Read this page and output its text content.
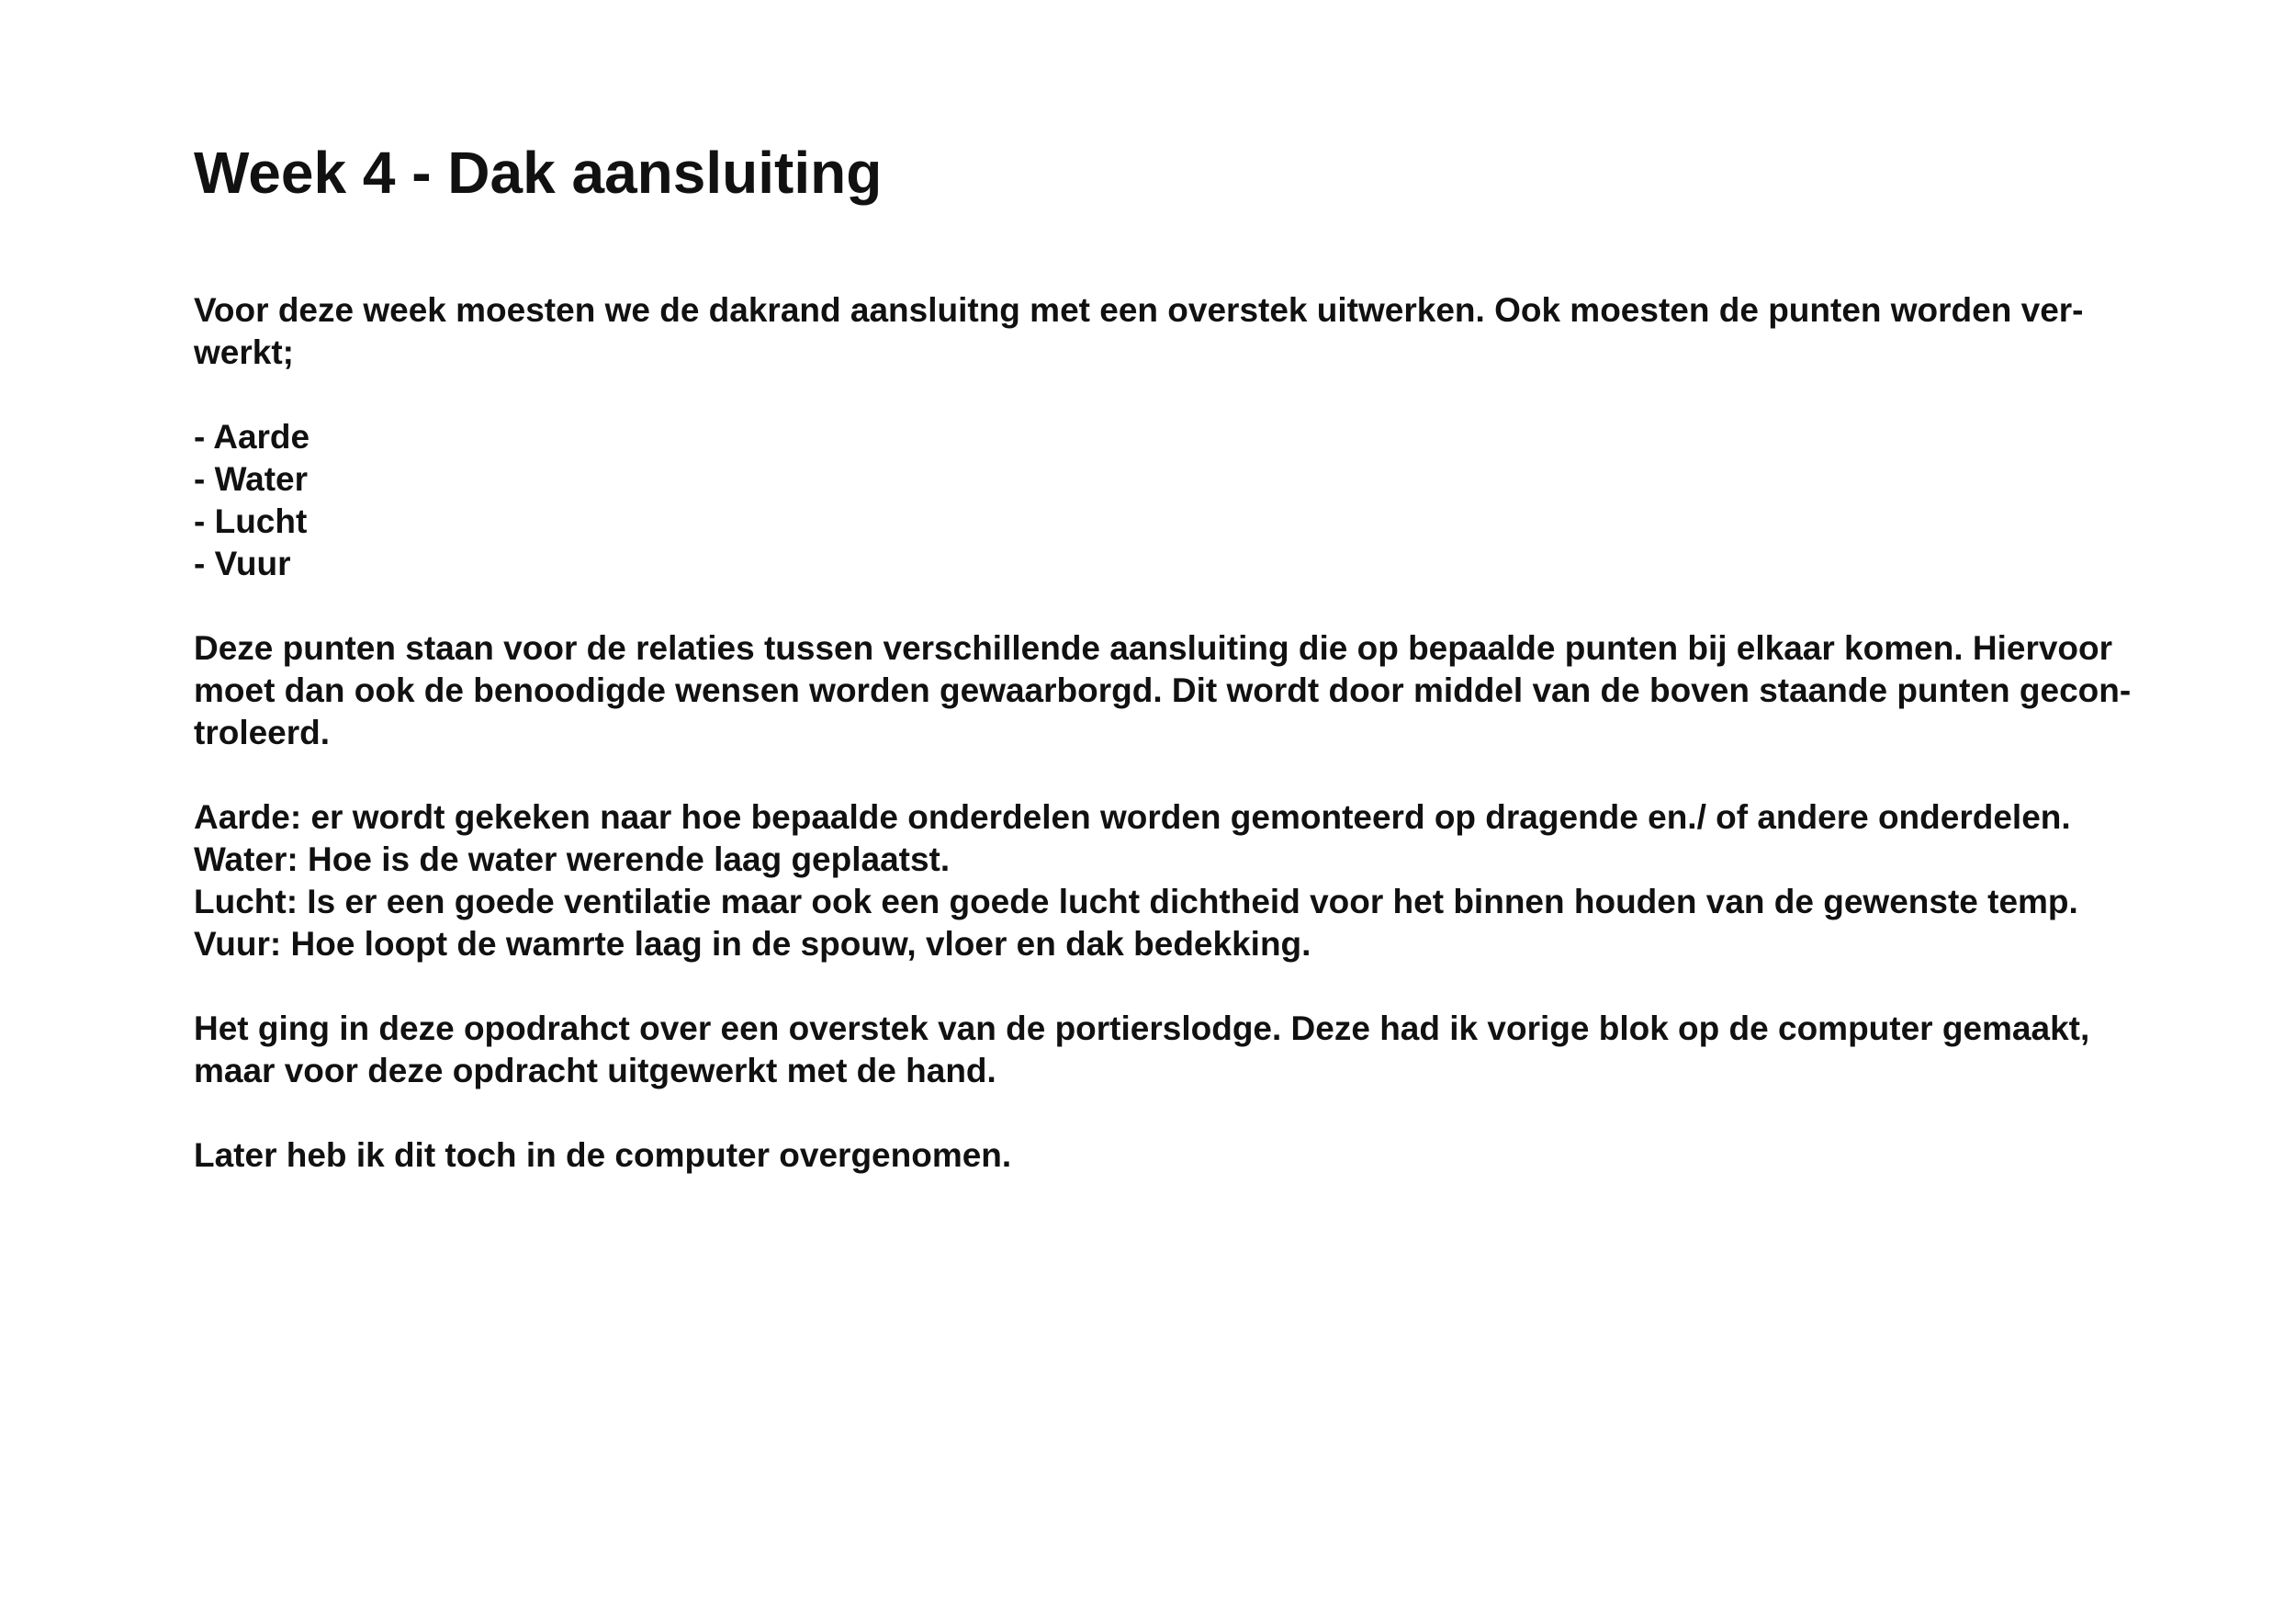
Week 4 - Dak aansluiting

Voor deze week moesten we de dakrand aansluitng met een overstek uitwerken. Ook moesten de punten worden ver-
werkt;

- Aarde
- Water
- Lucht
- Vuur

Deze punten staan voor de relaties tussen verschillende aansluiting die op bepaalde punten bij elkaar komen. Hiervoor
moet dan ook de benoodigde wensen worden gewaarborgd. Dit wordt door middel van de boven staande punten gecon-
troleerd.

Aarde: er wordt gekeken naar hoe bepaalde onderdelen worden gemonteerd op dragende en./ of andere onderdelen.
Water: Hoe is de water werende laag geplaatst.
Lucht: Is er een goede ventilatie maar ook een goede lucht dichtheid voor het binnen houden van de gewenste temp.
Vuur: Hoe loopt de wamrte laag in de spouw, vloer en dak bedekking.

Het ging in deze opodrahct over een overstek van de portierslodge. Deze had ik vorige blok op de computer gemaakt,
maar voor deze opdracht uitgewerkt met de hand.

Later heb ik dit toch in de computer overgenomen.
